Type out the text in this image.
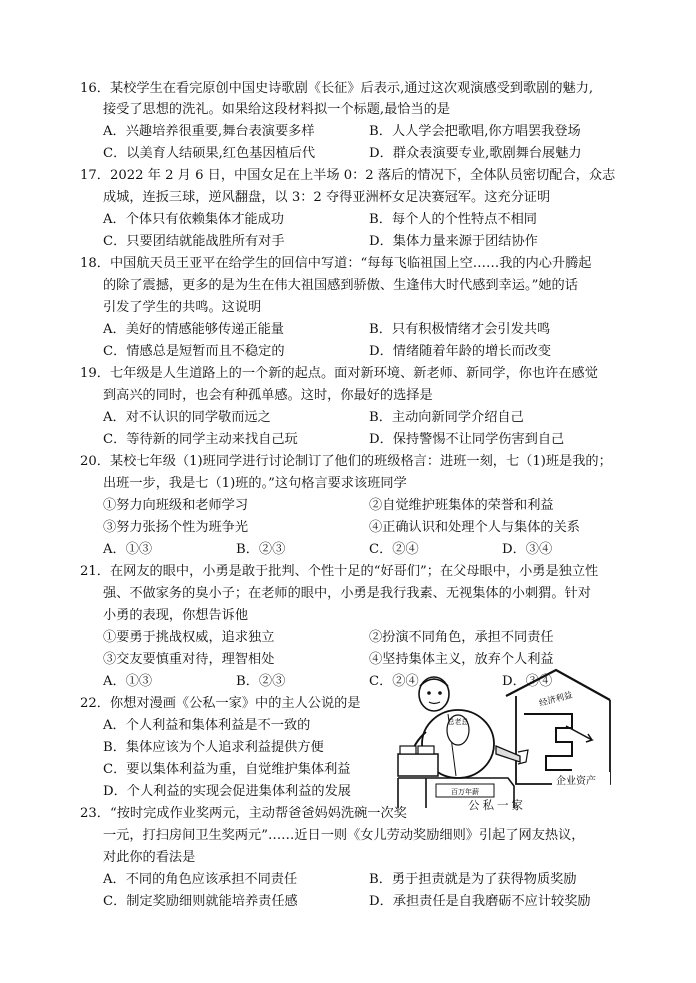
16．某校学生在看完原创中国史诗歌剧《长征》后表示,通过这次观演感受到歌剧的魅力,
接受了思想的洗礼。如果给这段材料拟一个标题,最恰当的是
A．兴趣培养很重要,舞台表演要多样	B．人人学会把歌唱,你方唱罢我登场
C．以美育人结硕果,红色基因植后代	D．群众表演要专业,歌剧舞台展魅力
17．2022 年 2 月 6 日，中国女足在上半场 0：2 落后的情况下，全体队员密切配合，众志
成城，连扳三球，逆风翻盘，以 3：2 夺得亚洲杯女足决赛冠军。这充分证明
A．个体只有依赖集体才能成功	B．每个人的个性特点不相同
C．只要团结就能战胜所有对手	D．集体力量来源于团结协作
18．中国航天员王亚平在给学生的回信中写道：“每每飞临祖国上空……我的内心升腾起
的除了震撼，更多的是为生在伟大祖国感到骄傲、生逢伟大时代感到幸运。”她的话
引发了学生的共鸣。这说明
A．美好的情感能够传递正能量	B．只有积极情绪才会引发共鸣
C．情感总是短暂而且不稳定的	D．情绪随着年龄的增长而改变
19．七年级是人生道路上的一个新的起点。面对新环境、新老师、新同学，你也许在感觉
到高兴的同时，也会有种孤单感。这时，你最好的选择是
A．对不认识的同学敬而远之	B．主动向新同学介绍自己
C．等待新的同学主动来找自己玩	D．保持警惕不让同学伤害到自己
20．某校七年级（1)班同学进行讨论制订了他们的班级格言：进班一刻，七（1)班是我的；
出班一步，我是七（1)班的。”这句格言要求该班同学
①努力向班级和老师学习	②自觉维护班集体的荣誉和利益
③努力张扬个性为班争光	④正确认识和处理个人与集体的关系
A．①③	B．②③	C．②④	D．③④
21．在网友的眼中，小勇是敢于批判、个性十足的“好哥们”；在父母眼中，小勇是独立性
强、不做家务的臭小子；在老师的眼中，小勇是我行我素、无视集体的小刺猬。针对
小勇的表现，你想告诉他
①要勇于挑战权威，追求独立	②扮演不同角色，承担不同责任
③交友要慎重对待，理智相处	④坚持集体主义，放弃个人利益
A．①③	B．②③	C．②④	D．③④
22．你想对漫画《公私一家》中的主人公说的是
A．个人利益和集体利益是不一致的
B．集体应该为个人追求利益提供方便
C．要以集体利益为重，自觉维护集体利益
D．个人利益的实现会促进集体利益的发展
总老总
百万年薪
经济利益
企业资产
公私一家
23．“按时完成作业奖两元，主动帮爸爸妈妈洗碗一次奖
一元，打扫房间卫生奖两元”……近日一则《女儿劳动奖励细则》引起了网友热议，
对此你的看法是
A．不同的角色应该承担不同责任	B．勇于担责就是为了获得物质奖励
C．制定奖励细则就能培养责任感	D．承担责任是自我磨砺不应计较奖励
